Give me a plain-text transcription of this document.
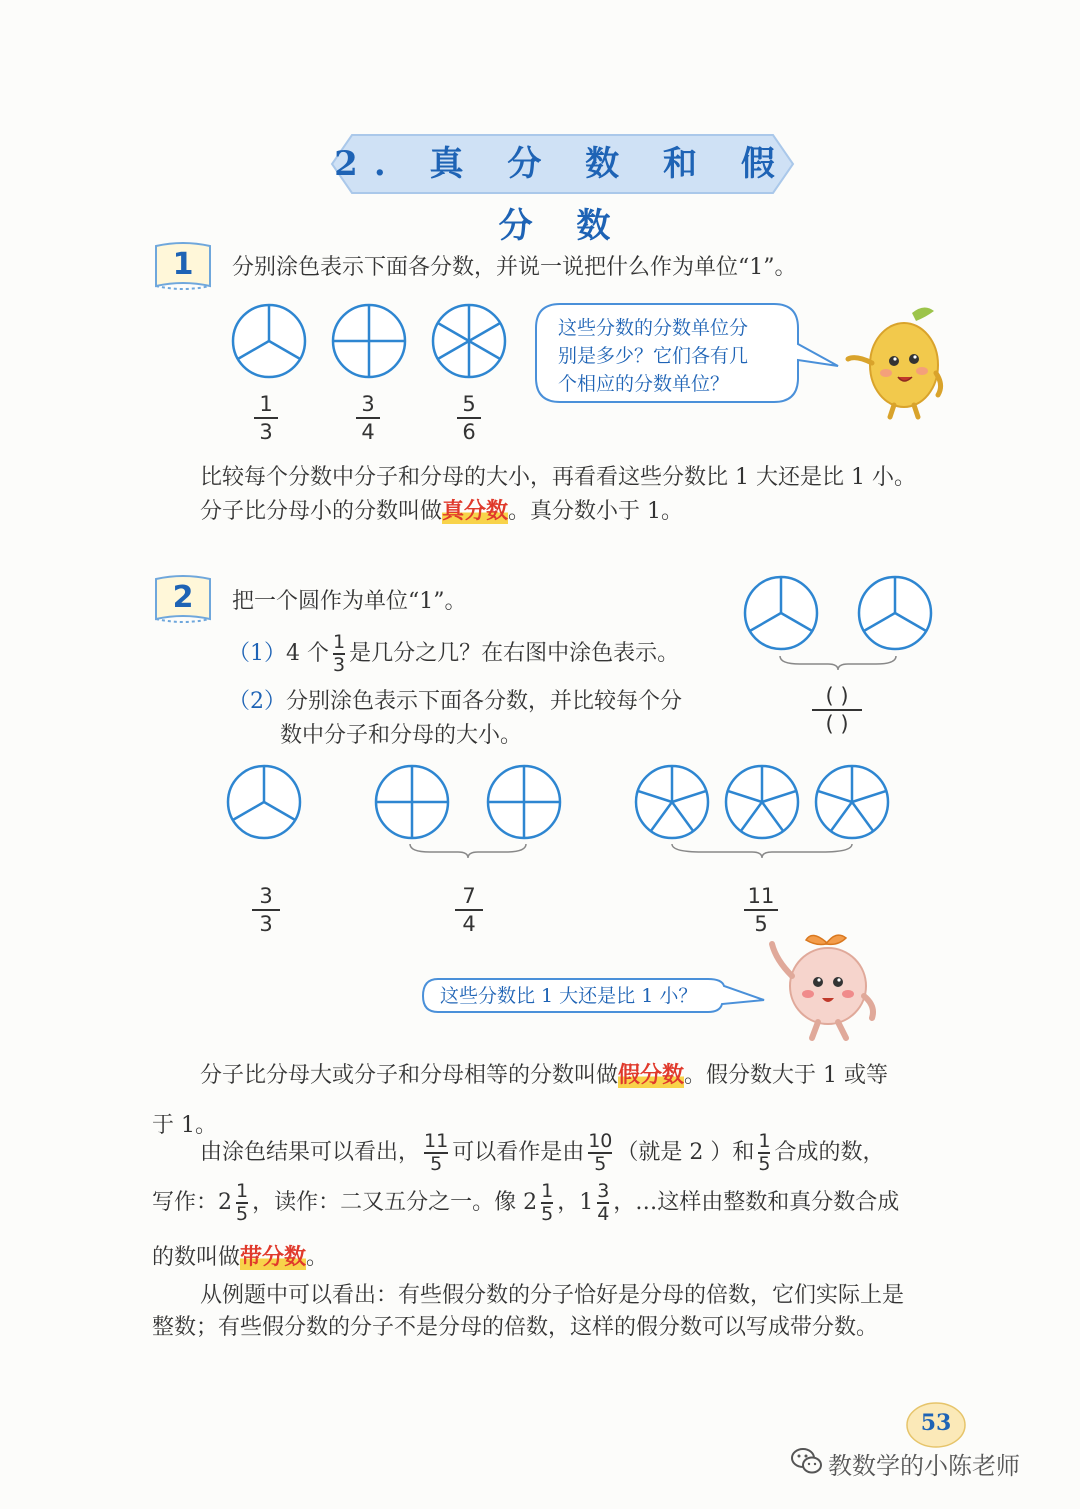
2. 真 分 数 和 假 分 数
1	分别涂色表示下面各分数，并说一说把什么作为单位“1”。
1
3
3
4
5
6
这些分数的分数单位分
别是多少？它们各有几
个相应的分数单位？
比较每个分数中分子和分母的大小，再看看这些分数比 1 大还是比 1 小。
分子比分母小的分数叫做真分数。真分数小于 1。
2	把一个圆作为单位“1”。
（1）4 个 $\frac{1}{3}$ 是几分之几？在右图中涂色表示。
（2）分别涂色表示下面各分数，并比较每个分
数中分子和分母的大小。
( )
( )
3
3
7
4
11
5
这些分数比 1 大还是比 1 小？
分子比分母大或分子和分母相等的分数叫做假分数。假分数大于 1 或等
于 1。
由涂色结果可以看出， $\frac{11}{5}$ 可以看作是由 $\frac{10}{5}$ （就是 2 ）和 $\frac{1}{5}$ 合成的数，
写作：$2 \frac{1}{5}$ ，读作：二又五分之一。像 $2 \frac{1}{5}$ ，$1 \frac{3}{4}$ ，…这样由整数和真分数合成
的数叫做带分数。
从例题中可以看出：有些假分数的分子恰好是分母的倍数，它们实际上是
整数；有些假分数的分子不是分母的倍数，这样的假分数可以写成带分数。
53
教数学的小陈老师
